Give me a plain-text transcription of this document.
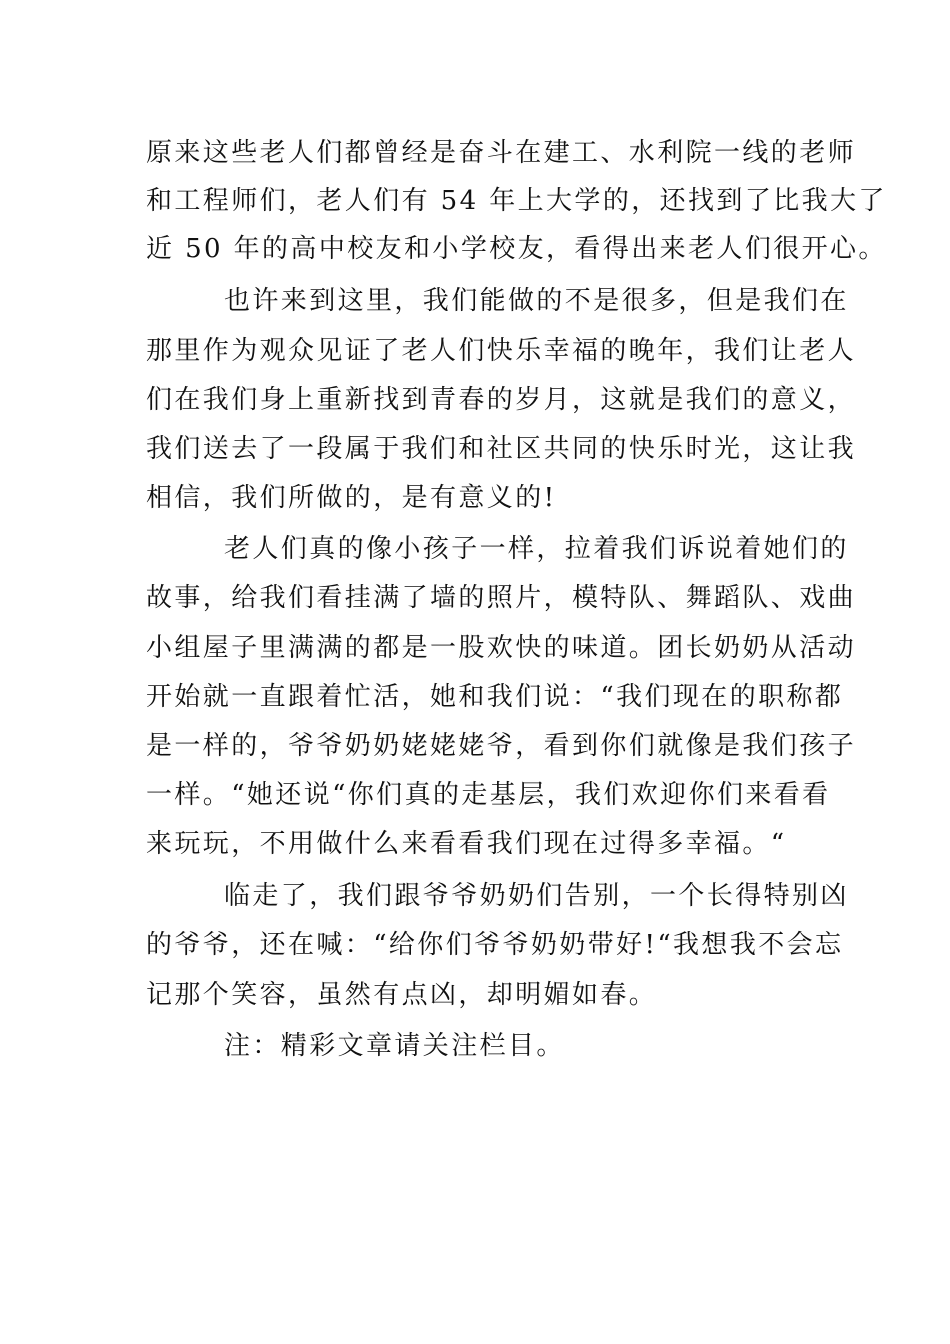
原来这些老人们都曾经是奋斗在建工、水利院一线的老师
和工程师们，老人们有 54 年上大学的，还找到了比我大了
近 50 年的高中校友和小学校友，看得出来老人们很开心。
也许来到这里，我们能做的不是很多，但是我们在
那里作为观众见证了老人们快乐幸福的晚年，我们让老人
们在我们身上重新找到青春的岁月，这就是我们的意义，
我们送去了一段属于我们和社区共同的快乐时光，这让我
相信，我们所做的，是有意义的!
老人们真的像小孩子一样，拉着我们诉说着她们的
故事，给我们看挂满了墙的照片，模特队、舞蹈队、戏曲
小组屋子里满满的都是一股欢快的味道。团长奶奶从活动
开始就一直跟着忙活，她和我们说：“我们现在的职称都
是一样的，爷爷奶奶姥姥姥爷，看到你们就像是我们孩子
一样。“她还说“你们真的走基层，我们欢迎你们来看看
来玩玩，不用做什么来看看我们现在过得多幸福。“
临走了，我们跟爷爷奶奶们告别，一个长得特别凶
的爷爷，还在喊：“给你们爷爷奶奶带好!“我想我不会忘
记那个笑容，虽然有点凶，却明媚如春。
注：精彩文章请关注栏目。
